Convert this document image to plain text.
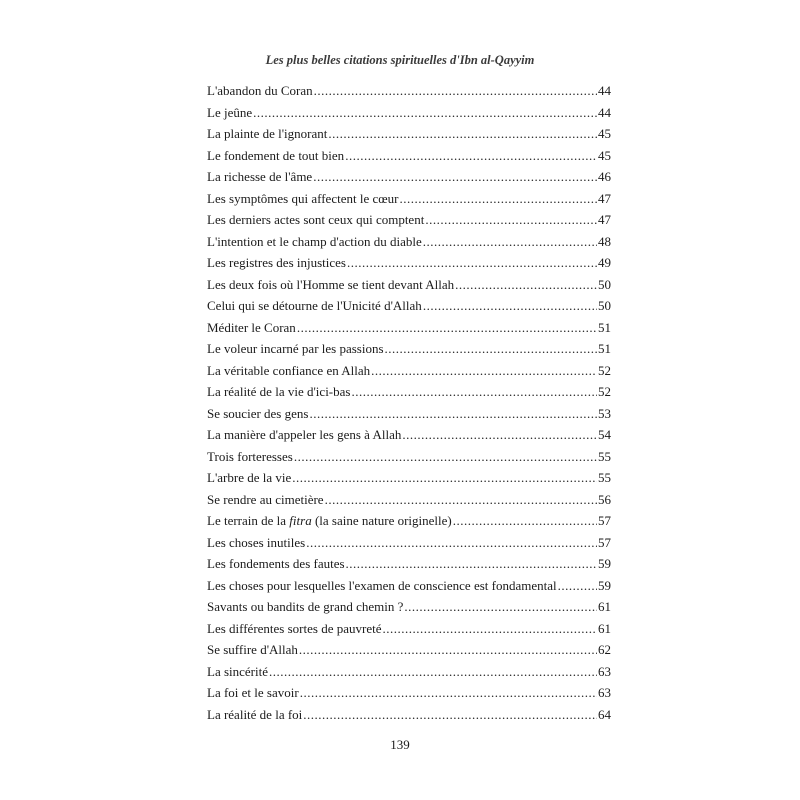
Les plus belles citations spirituelles d'Ibn al-Qayyim
L'abandon du Coran .....	44
Le jeûne .....	44
La plainte de l'ignorant .....	45
Le fondement de tout bien .....	45
La richesse de l'âme .....	46
Les symptômes qui affectent le cœur .....	47
Les derniers actes sont ceux qui comptent .....	47
L'intention et le champ d'action du diable .....	48
Les registres des injustices .....	49
Les deux fois où l'Homme se tient devant Allah .....	50
Celui qui se détourne de l'Unicité d'Allah .....	50
Méditer le Coran .....	51
Le voleur incarné par les passions .....	51
La véritable confiance en Allah .....	52
La réalité de la vie d'ici-bas .....	52
Se soucier des gens .....	53
La manière d'appeler les gens à Allah .....	54
Trois forteresses .....	55
L'arbre de la vie .....	55
Se rendre au cimetière .....	56
Le terrain de la fitra (la saine nature originelle) .....	57
Les choses inutiles .....	57
Les fondements des fautes .....	59
Les choses pour lesquelles l'examen de conscience est fondamental .....	59
Savants ou bandits de grand chemin ? .....	61
Les différentes sortes de pauvreté .....	61
Se suffire d'Allah .....	62
La sincérité .....	63
La foi et le savoir .....	63
La réalité de la foi .....	64
139
